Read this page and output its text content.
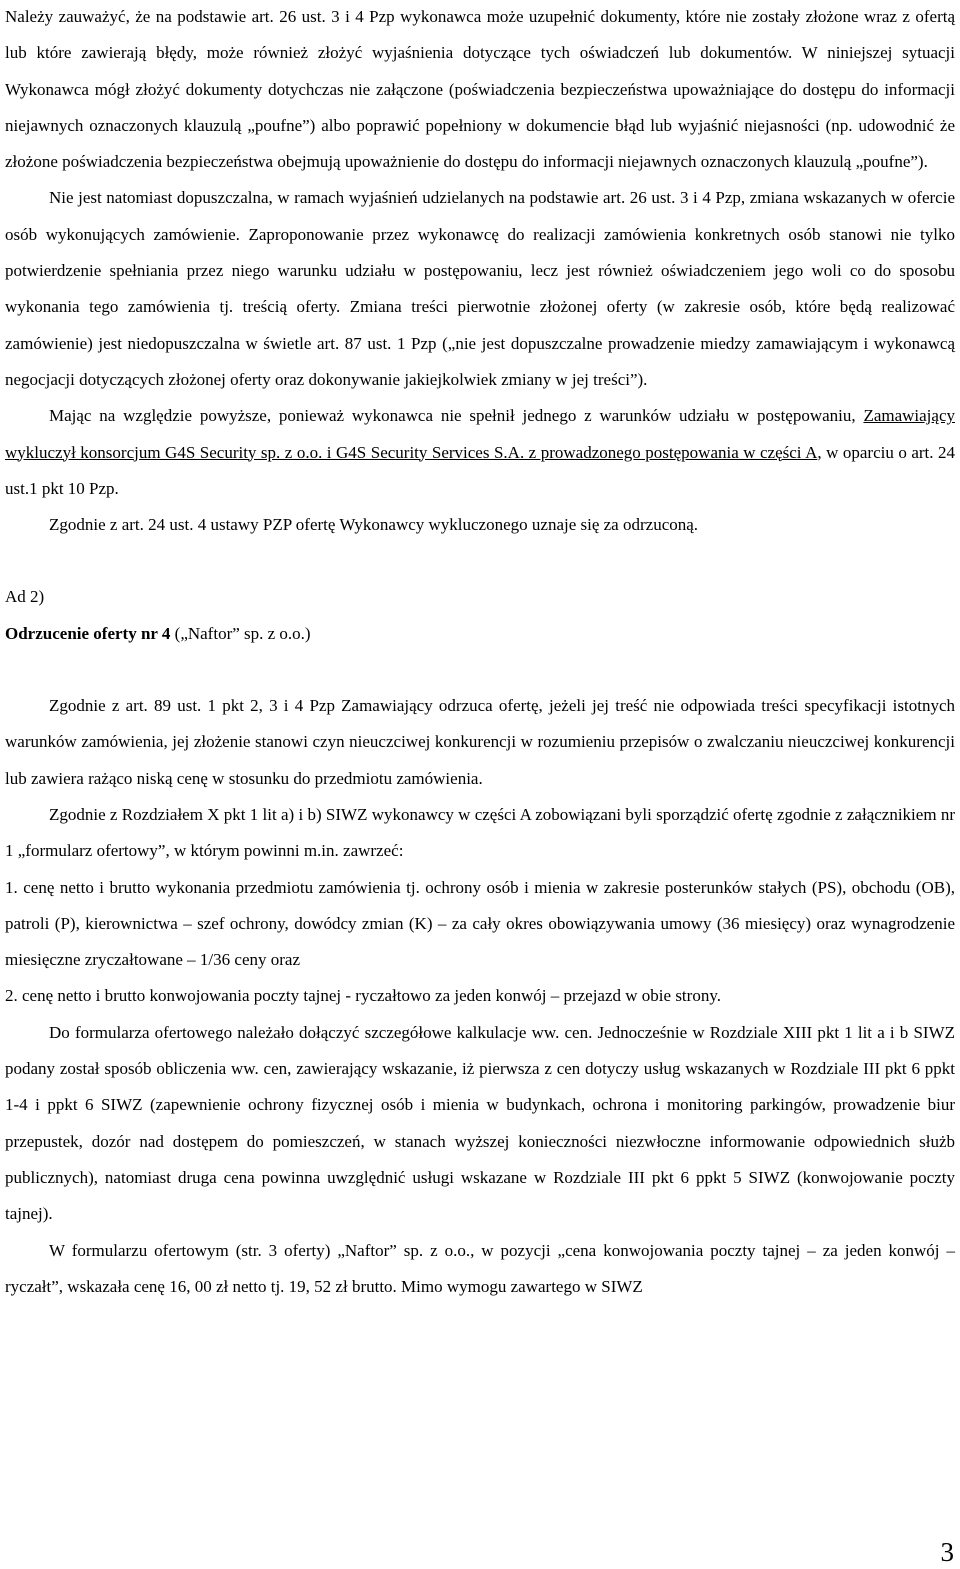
Należy zauważyć, że na podstawie art. 26 ust. 3 i 4 Pzp wykonawca może uzupełnić dokumenty, które nie zostały złożone wraz z ofertą lub które zawierają błędy, może również złożyć wyjaśnienia dotyczące tych oświadczeń lub dokumentów. W niniejszej sytuacji Wykonawca mógł złożyć dokumenty dotychczas nie załączone (poświadczenia bezpieczeństwa upoważniające do dostępu do informacji niejawnych oznaczonych klauzulą „poufne”) albo poprawić popełniony w dokumencie błąd lub wyjaśnić niejasności (np. udowodnić że złożone poświadczenia bezpieczeństwa obejmują upoważnienie do dostępu do informacji niejawnych oznaczonych klauzulą „poufne”).

Nie jest natomiast dopuszczalna, w ramach wyjaśnień udzielanych na podstawie art. 26 ust. 3 i 4 Pzp, zmiana wskazanych w ofercie osób wykonujących zamówienie. Zaproponowanie przez wykonawcę do realizacji zamówienia konkretnych osób stanowi nie tylko potwierdzenie spełniania przez niego warunku udziału w postępowaniu, lecz jest również oświadczeniem jego woli co do sposobu wykonania tego zamówienia tj. treścią oferty. Zmiana treści pierwotnie złożonej oferty (w zakresie osób, które będą realizować zamówienie) jest niedopuszczalna w świetle art. 87 ust. 1 Pzp („nie jest dopuszczalne prowadzenie miedzy zamawiającym i wykonawcą negocjacji dotyczących złożonej oferty oraz dokonywanie jakiejkolwiek zmiany w jej treści”).

Mając na względzie powyższe, ponieważ wykonawca nie spełnił jednego z warunków udziału w postępowaniu, Zamawiający wykluczył konsorcjum G4S Security sp. z o.o. i G4S Security Services S.A. z prowadzonego postępowania w części A, w oparciu o art. 24 ust.1 pkt 10 Pzp.

Zgodnie z art. 24 ust. 4 ustawy PZP ofertę Wykonawcy wykluczonego uznaje się za odrzuconą.

Ad 2)

Odrzucenie oferty nr 4 („Naftor” sp. z o.o.)

Zgodnie z art. 89 ust. 1 pkt 2, 3 i 4 Pzp Zamawiający odrzuca ofertę, jeżeli jej treść nie odpowiada treści specyfikacji istotnych warunków zamówienia, jej złożenie stanowi czyn nieuczciwej konkurencji w rozumieniu przepisów o zwalczaniu nieuczciwej konkurencji lub zawiera rażąco niską cenę w stosunku do przedmiotu zamówienia.

Zgodnie z Rozdziałem X pkt 1 lit a) i b) SIWZ wykonawcy w części A zobowiązani byli sporządzić ofertę zgodnie z załącznikiem nr 1 „formularz ofertowy”, w którym powinni m.in. zawrzeć:

1. cenę netto i brutto wykonania przedmiotu zamówienia tj. ochrony osób i mienia w zakresie posterunków stałych (PS), obchodu (OB), patroli (P), kierownictwa – szef ochrony, dowódcy zmian (K) – za cały okres obowiązywania umowy (36 miesięcy) oraz wynagrodzenie miesięczne zryczałtowane – 1/36 ceny oraz

2. cenę netto i brutto konwojowania poczty tajnej - ryczałtowo za jeden konwój – przejazd w obie strony.

Do formularza ofertowego należało dołączyć szczegółowe kalkulacje ww. cen. Jednocześnie w Rozdziale XIII pkt 1 lit a i b SIWZ podany został sposób obliczenia ww. cen, zawierający wskazanie, iż pierwsza z cen dotyczy usług wskazanych w Rozdziale III pkt 6 ppkt 1-4 i ppkt 6 SIWZ (zapewnienie ochrony fizycznej osób i mienia w budynkach, ochrona i monitoring parkingów, prowadzenie biur przepustek, dozór nad dostępem do pomieszczeń, w stanach wyższej konieczności niezwłoczne informowanie odpowiednich służb publicznych), natomiast druga cena powinna uwzględnić usługi wskazane w Rozdziale III pkt 6 ppkt 5 SIWZ (konwojowanie poczty tajnej).

W formularzu ofertowym (str. 3 oferty) „Naftor” sp. z o.o., w pozycji „cena konwojowania poczty tajnej – za jeden konwój – ryczałt”, wskazała cenę 16, 00 zł netto tj. 19, 52 zł brutto. Mimo wymogu zawartego w SIWZ

3
